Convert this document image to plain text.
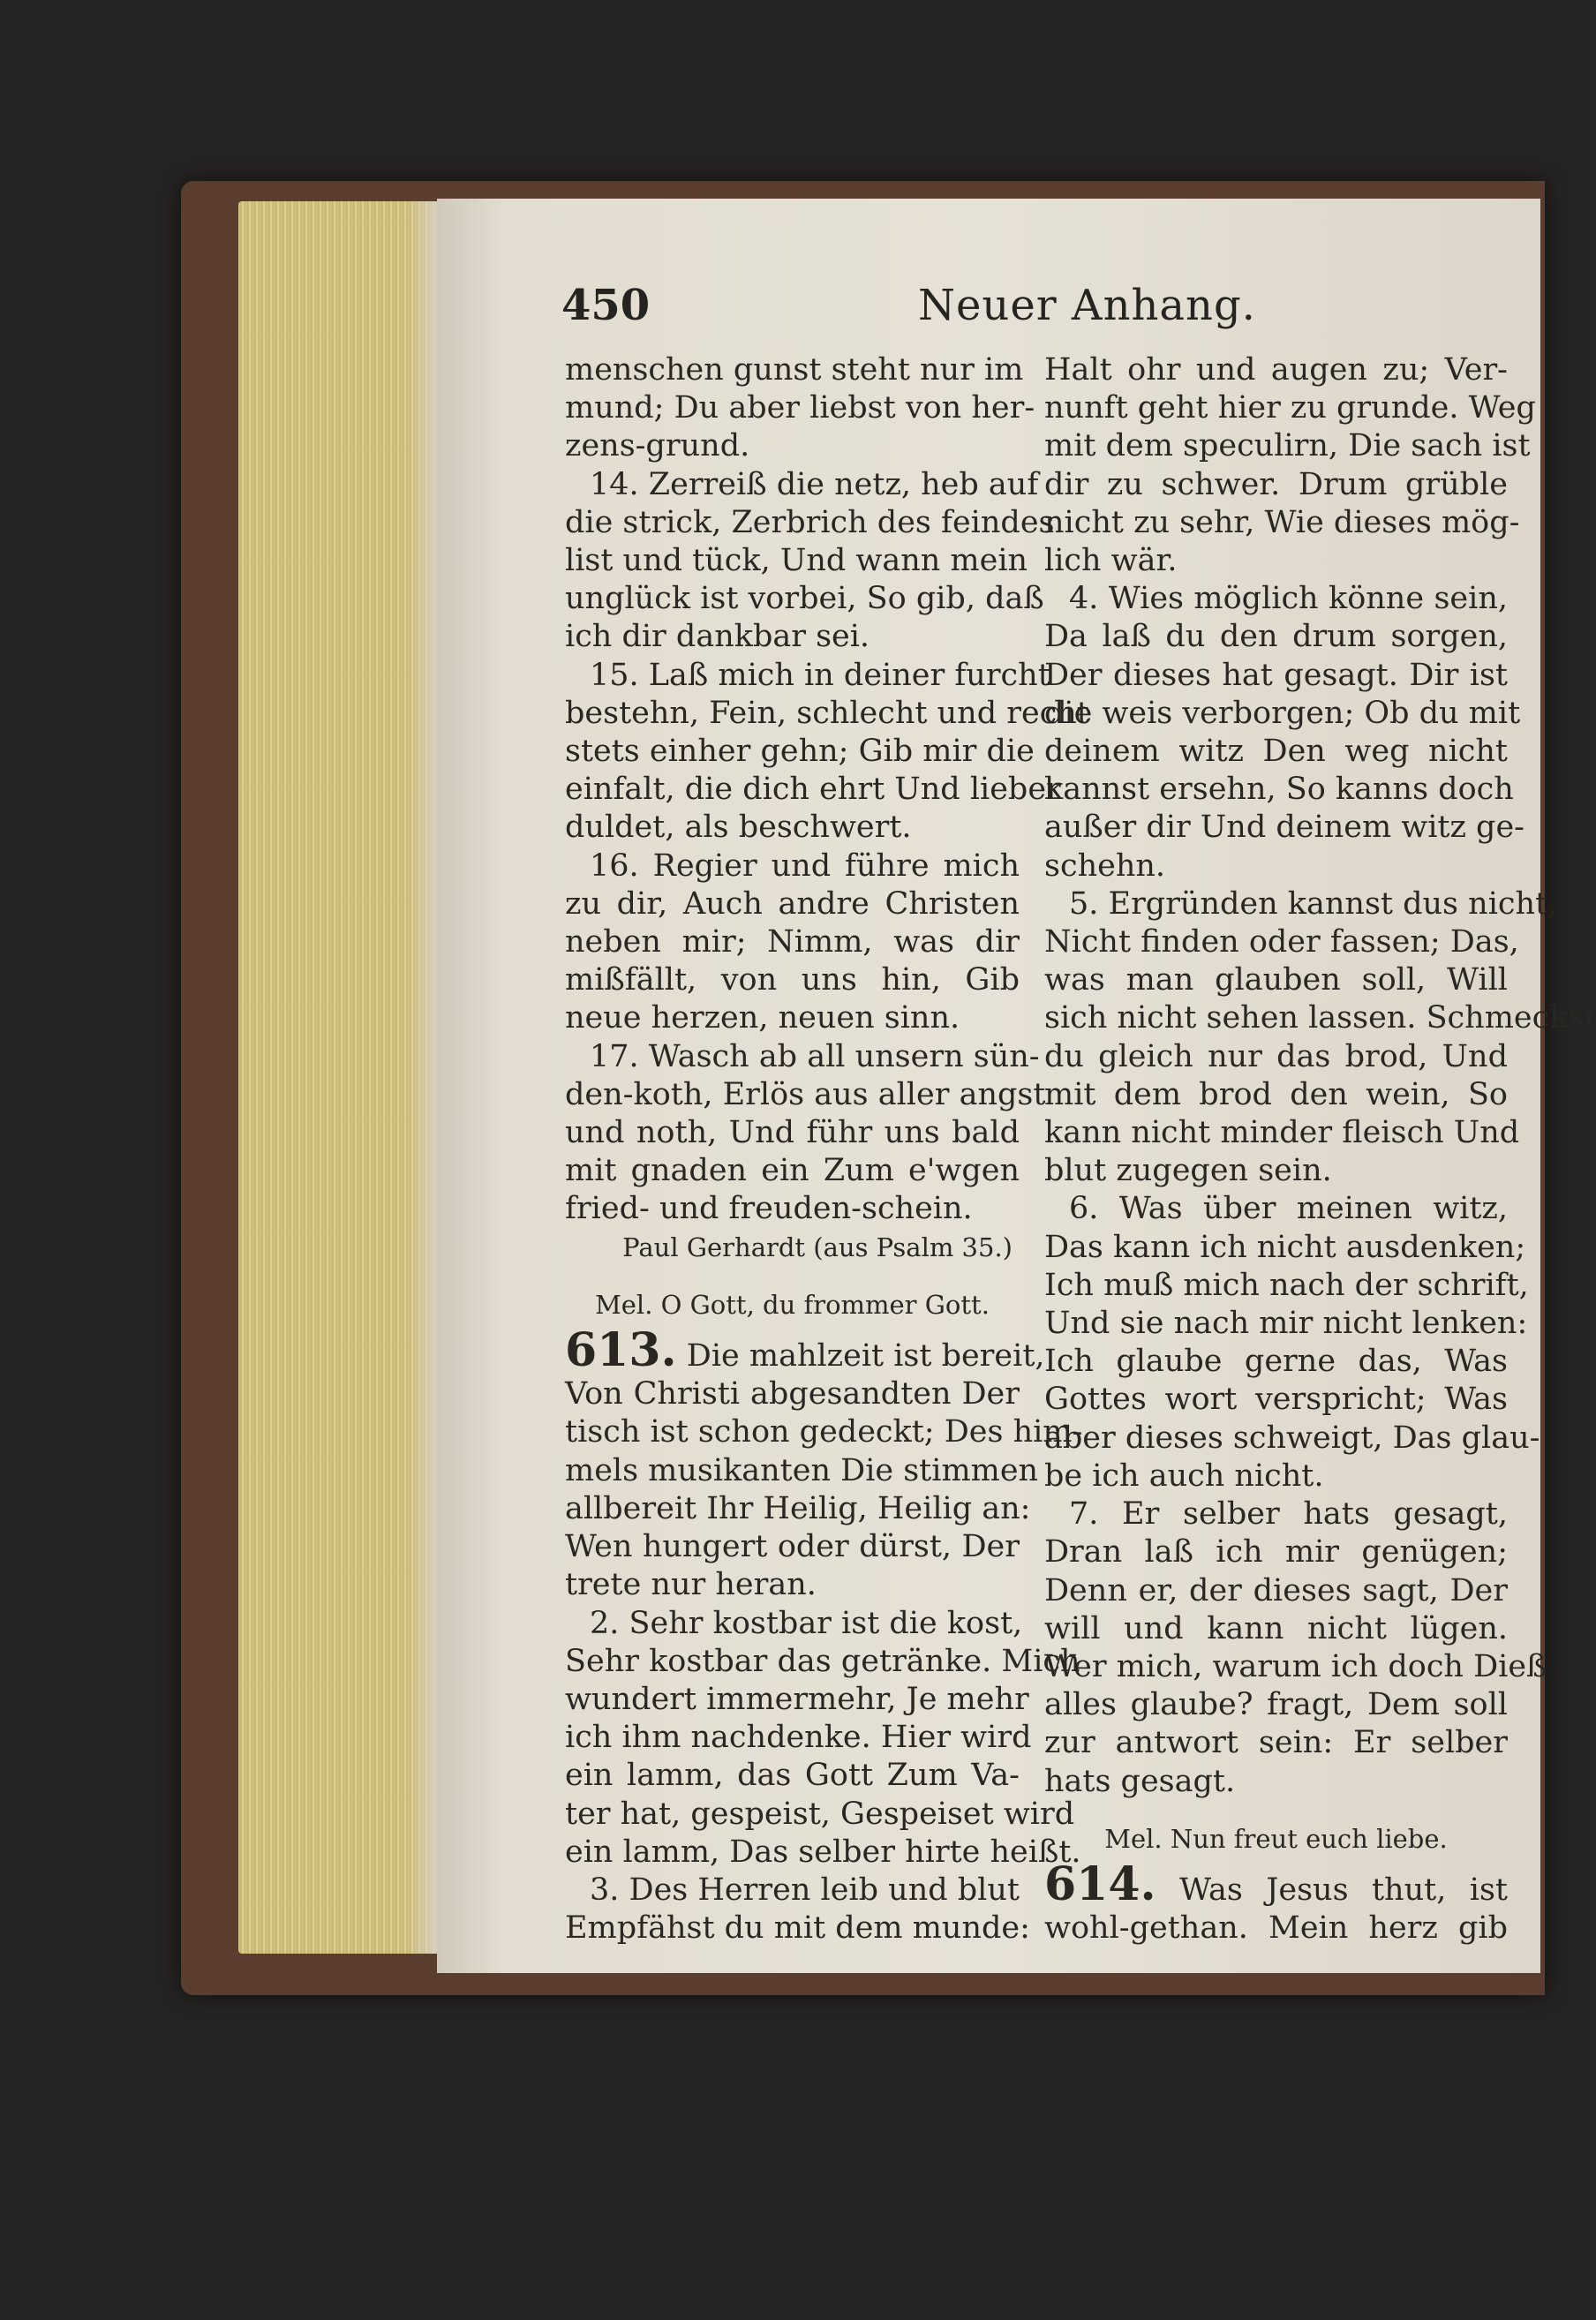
450	Neuer Anhang.
menschen gunst steht nur im
mund; Du aber liebst von her-
zens-grund.
14. Zerreiß die netz, heb auf
die strick, Zerbrich des feindes
list und tück, Und wann mein
unglück ist vorbei, So gib, daß
ich dir dankbar sei.
15. Laß mich in deiner furcht
bestehn, Fein, schlecht und recht
stets einher gehn; Gib mir die
einfalt, die dich ehrt Und lieber
duldet, als beschwert.
16. Regier und führe mich
zu dir, Auch andre Christen
neben mir; Nimm, was dir
mißfällt, von uns hin, Gib
neue herzen, neuen sinn.
17. Wasch ab all unsern sün-
den-koth, Erlös aus aller angst
und noth, Und führ uns bald
mit gnaden ein Zum e'wgen
fried- und freuden-schein.
Paul Gerhardt (aus Psalm 35.)
Mel. O Gott, du frommer Gott.
613. Die mahlzeit ist bereit,
Von Christi abgesandten Der
tisch ist schon gedeckt; Des him-
mels musikanten Die stimmen
allbereit Ihr Heilig, Heilig an:
Wen hungert oder dürst, Der
trete nur heran.
2. Sehr kostbar ist die kost,
Sehr kostbar das getränke. Mich
wundert immermehr, Je mehr
ich ihm nachdenke. Hier wird
ein lamm, das Gott Zum Va-
ter hat, gespeist, Gespeiset wird
ein lamm, Das selber hirte heißt.
3. Des Herren leib und blut
Empfähst du mit dem munde:
Halt ohr und augen zu; Ver-
nunft geht hier zu grunde. Weg
mit dem speculirn, Die sach ist
dir zu schwer. Drum grüble
nicht zu sehr, Wie dieses mög-
lich wär.
4. Wies möglich könne sein,
Da laß du den drum sorgen,
Der dieses hat gesagt. Dir ist
die weis verborgen; Ob du mit
deinem witz Den weg nicht
kannst ersehn, So kanns doch
außer dir Und deinem witz ge-
schehn.
5. Ergründen kannst dus nicht,
Nicht finden oder fassen; Das,
was man glauben soll, Will
sich nicht sehen lassen. Schmeckst
du gleich nur das brod, Und
mit dem brod den wein, So
kann nicht minder fleisch Und
blut zugegen sein.
6. Was über meinen witz,
Das kann ich nicht ausdenken;
Ich muß mich nach der schrift,
Und sie nach mir nicht lenken:
Ich glaube gerne das, Was
Gottes wort verspricht; Was
aber dieses schweigt, Das glau-
be ich auch nicht.
7. Er selber hats gesagt,
Dran laß ich mir genügen;
Denn er, der dieses sagt, Der
will und kann nicht lügen.
Wer mich, warum ich doch Dieß
alles glaube? fragt, Dem soll
zur antwort sein: Er selber
hats gesagt.
Mel. Nun freut euch liebe.
614. Was Jesus thut, ist
wohl-gethan. Mein herz gib
